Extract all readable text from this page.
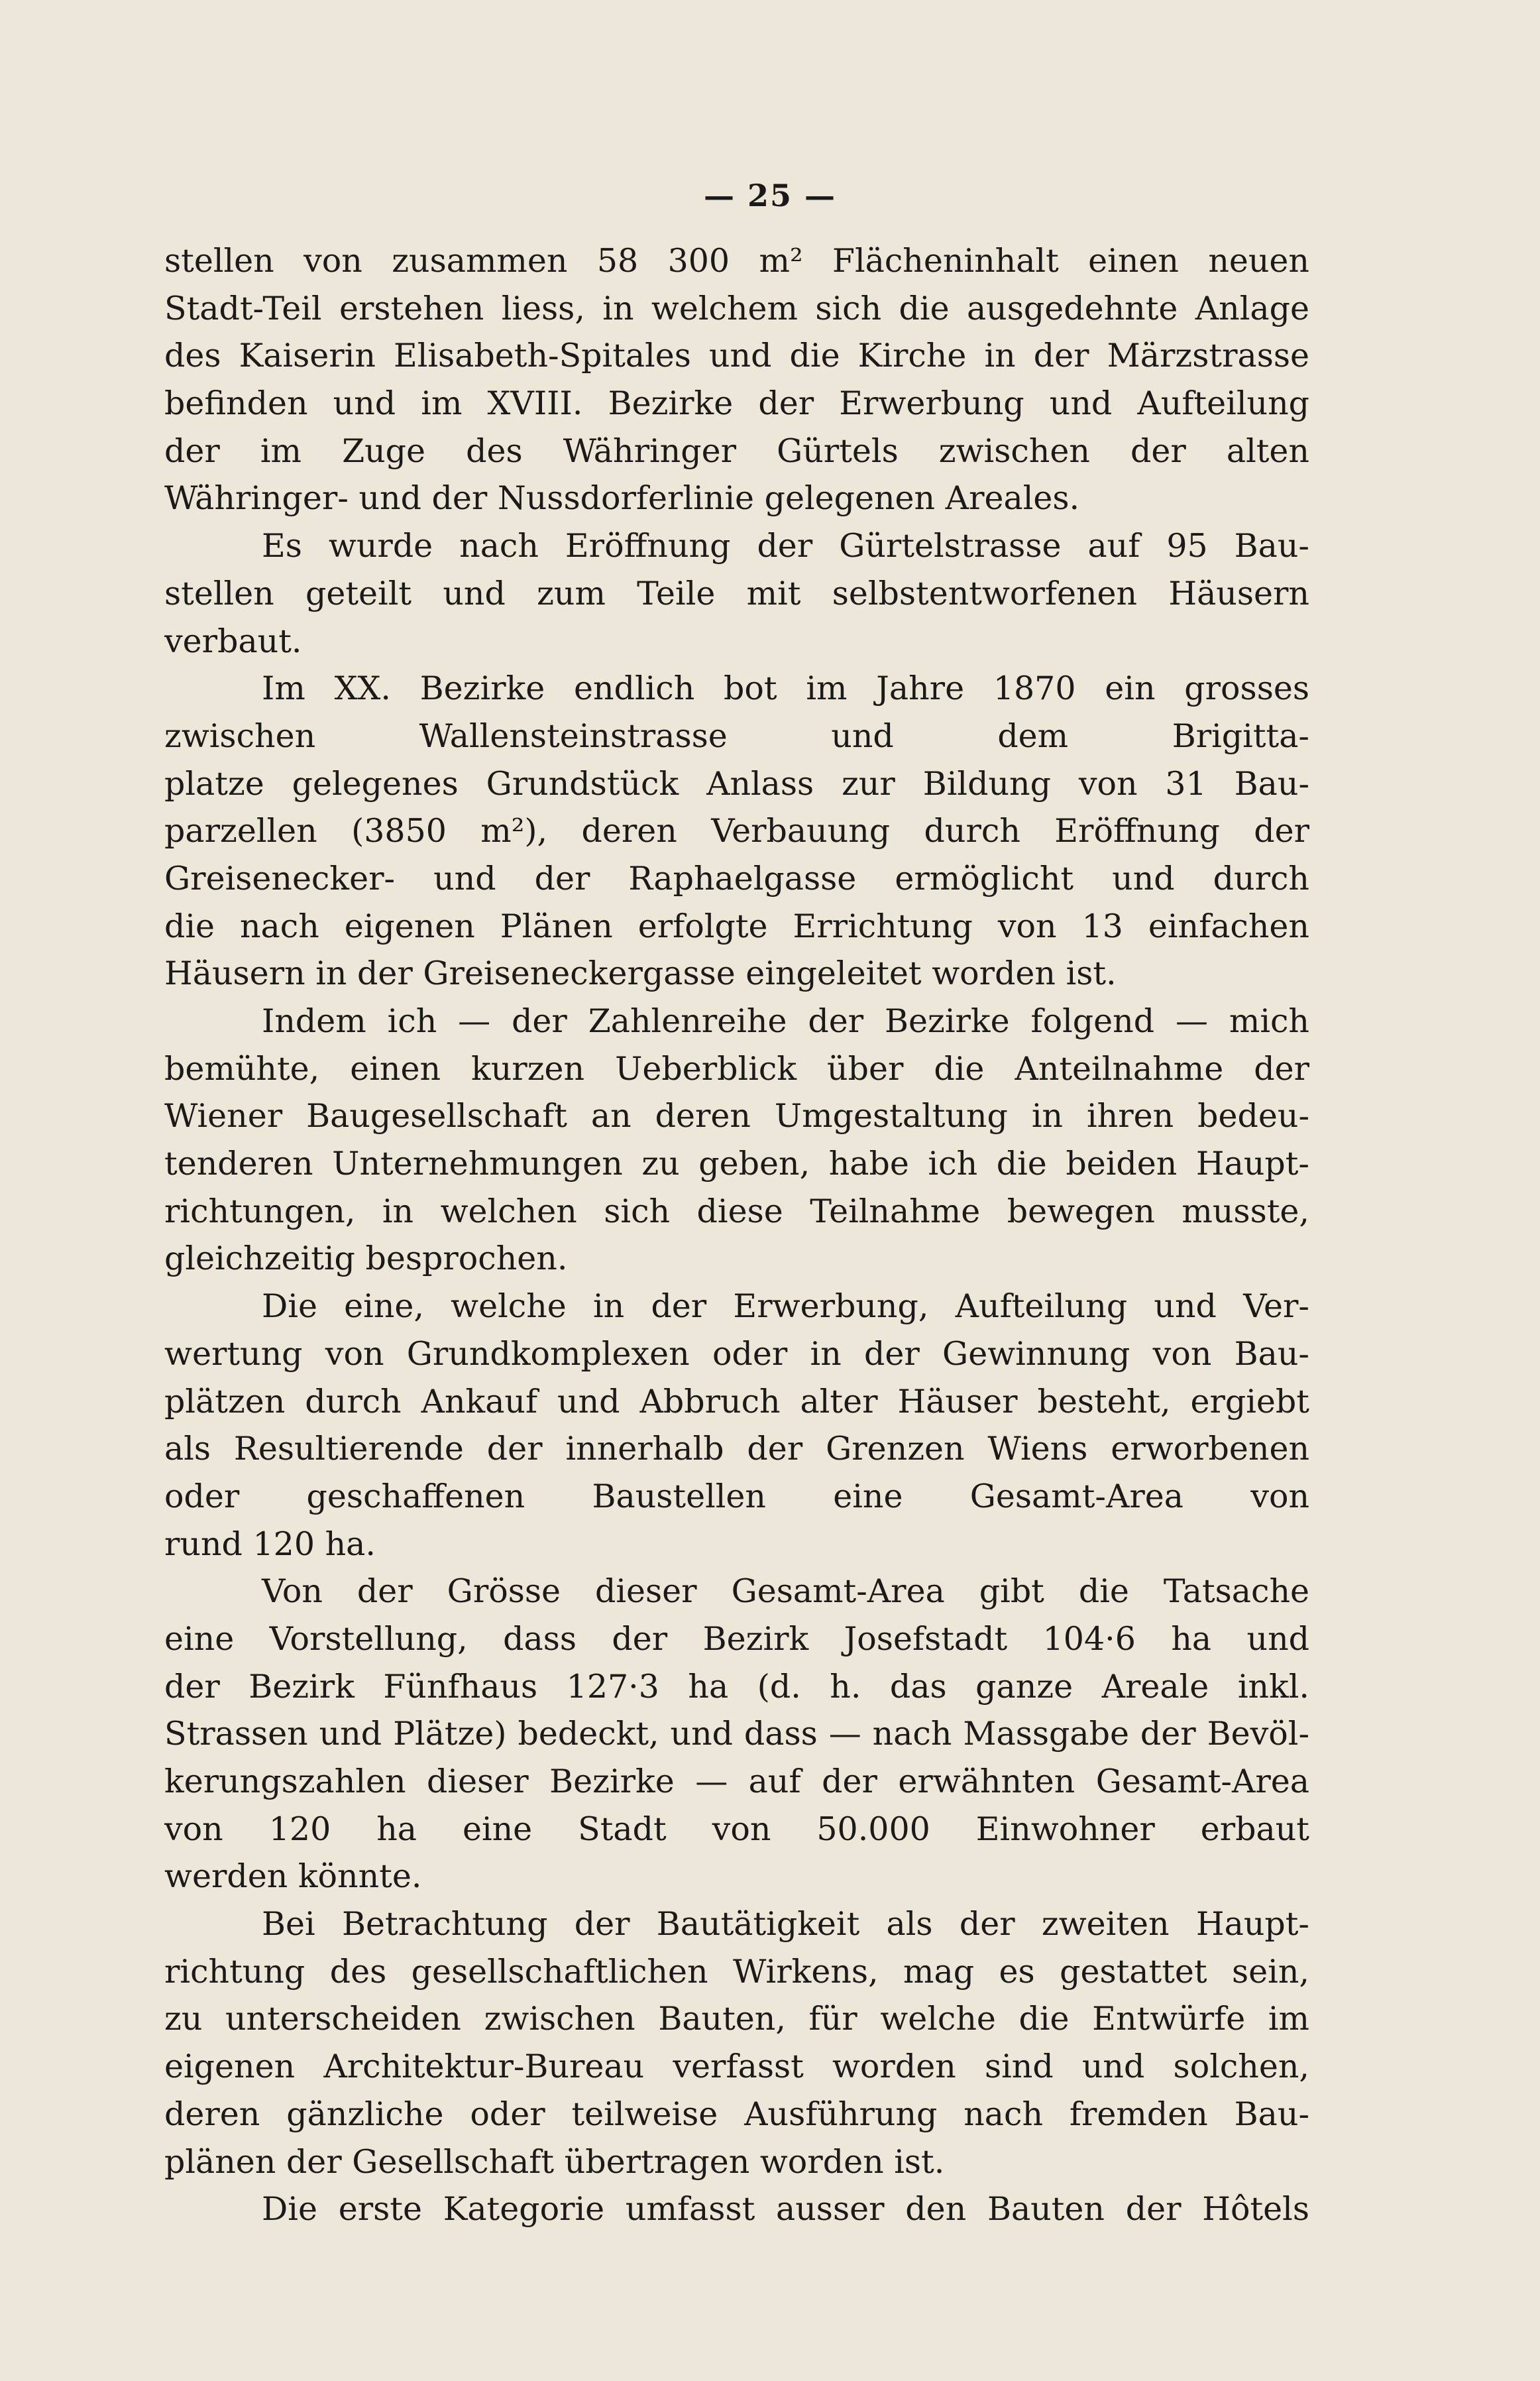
— 25 —
stellen von zusammen 58 300 m² Flächeninhalt einen neuen
Stadt-Teil erstehen liess, in welchem sich die ausgedehnte Anlage
des Kaiserin Elisabeth-Spitales und die Kirche in der Märzstrasse
befinden und im XVIII. Bezirke der Erwerbung und Aufteilung
der im Zuge des Währinger Gürtels zwischen der alten
Währinger- und der Nussdorferlinie gelegenen Areales.
Es wurde nach Eröffnung der Gürtelstrasse auf 95 Bau-
stellen geteilt und zum Teile mit selbstentworfenen Häusern
verbaut.
Im XX. Bezirke endlich bot im Jahre 1870 ein grosses
zwischen Wallensteinstrasse und dem Brigitta-
platze gelegenes Grundstück Anlass zur Bildung von 31 Bau-
parzellen (3850 m²), deren Verbauung durch Eröffnung der
Greisenecker- und der Raphaelgasse ermöglicht und durch
die nach eigenen Plänen erfolgte Errichtung von 13 einfachen
Häusern in der Greiseneckergasse eingeleitet worden ist.
Indem ich — der Zahlenreihe der Bezirke folgend — mich
bemühte, einen kurzen Ueberblick über die Anteilnahme der
Wiener Baugesellschaft an deren Umgestaltung in ihren bedeu-
tenderen Unternehmungen zu geben, habe ich die beiden Haupt-
richtungen, in welchen sich diese Teilnahme bewegen musste,
gleichzeitig besprochen.
Die eine, welche in der Erwerbung, Aufteilung und Ver-
wertung von Grundkomplexen oder in der Gewinnung von Bau-
plätzen durch Ankauf und Abbruch alter Häuser besteht, ergiebt
als Resultierende der innerhalb der Grenzen Wiens erworbenen
oder geschaffenen Baustellen eine Gesamt-Area von
rund 120 ha.
Von der Grösse dieser Gesamt-Area gibt die Tatsache
eine Vorstellung, dass der Bezirk Josefstadt 104·6 ha und
der Bezirk Fünfhaus 127·3 ha (d. h. das ganze Areale inkl.
Strassen und Plätze) bedeckt, und dass — nach Massgabe der Bevöl-
kerungszahlen dieser Bezirke — auf der erwähnten Gesamt-Area
von 120 ha eine Stadt von 50.000 Einwohner erbaut
werden könnte.
Bei Betrachtung der Bautätigkeit als der zweiten Haupt-
richtung des gesellschaftlichen Wirkens, mag es gestattet sein,
zu unterscheiden zwischen Bauten, für welche die Entwürfe im
eigenen Architektur-Bureau verfasst worden sind und solchen,
deren gänzliche oder teilweise Ausführung nach fremden Bau-
plänen der Gesellschaft übertragen worden ist.
Die erste Kategorie umfasst ausser den Bauten der Hôtels
